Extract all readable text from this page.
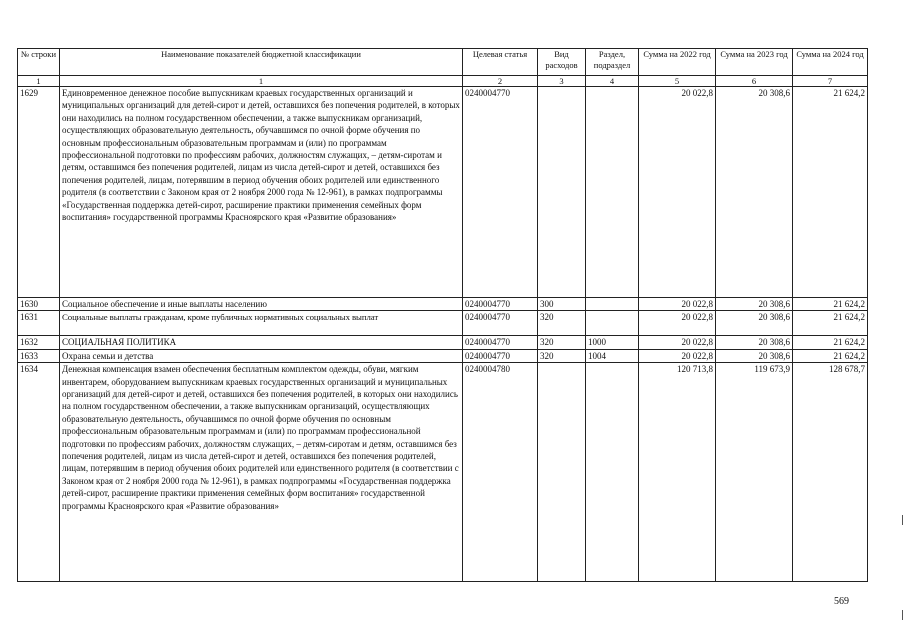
№ строки	Наименование показателей бюджетной классификации	Целевая статья	Вид расходов	Раздел, подраздел	Сумма на 2022 год	Сумма на 2023 год	Сумма на 2024 год
1	1	2	3	4	5	6	7
1629	Единовременное денежное пособие выпускникам краевых государственных организаций и муниципальных организаций для детей-сирот и детей, оставшихся без попечения родителей, в которых они находились на полном государственном обеспечении, а также выпускникам организаций, осуществляющих образовательную деятельность, обучавшимся по очной форме обучения по основным профессиональным образовательным программам и (или) по программам профессиональной подготовки по профессиям рабочих, должностям служащих, – детям-сиротам и детям, оставшимся без попечения родителей, лицам из числа детей-сирот и детей, оставшихся без попечения родителей, лицам, потерявшим в период обучения обоих родителей или единственного родителя (в соответствии с Законом края от 2 ноября 2000 года № 12-961), в рамках подпрограммы «Государственная поддержка детей-сирот, расширение практики применения семейных форм воспитания» государственной программы Красноярского края «Развитие образования»	0240004770			20 022,8	20 308,6	21 624,2
1630	Социальное обеспечение и иные выплаты населению	0240004770	300		20 022,8	20 308,6	21 624,2
1631	Социальные выплаты гражданам, кроме публичных нормативных социальных выплат	0240004770	320		20 022,8	20 308,6	21 624,2
1632	СОЦИАЛЬНАЯ ПОЛИТИКА	0240004770	320	1000	20 022,8	20 308,6	21 624,2
1633	Охрана семьи и детства	0240004770	320	1004	20 022,8	20 308,6	21 624,2
1634	Денежная компенсация взамен обеспечения бесплатным комплектом одежды, обуви, мягким инвентарем, оборудованием выпускникам краевых государственных организаций и муниципальных организаций для детей-сирот и детей, оставшихся без попечения родителей, в которых они находились на полном государственном обеспечении, а также выпускникам организаций, осуществляющих образовательную деятельность, обучавшимся по очной форме обучения по основным профессиональным образовательным программам и (или) по программам профессиональной подготовки по профессиям рабочих, должностям служащих, – детям-сиротам и детям, оставшимся без попечения родителей, лицам из числа детей-сирот и детей, оставшихся без попечения родителей, лицам, потерявшим в период обучения обоих родителей или единственного родителя (в соответствии с Законом края от 2 ноября 2000 года № 12-961), в рамках подпрограммы «Государственная поддержка детей-сирот, расширение практики применения семейных форм воспитания» государственной программы Красноярского края «Развитие образования»	0240004780			120 713,8	119 673,9	128 678,7
569
